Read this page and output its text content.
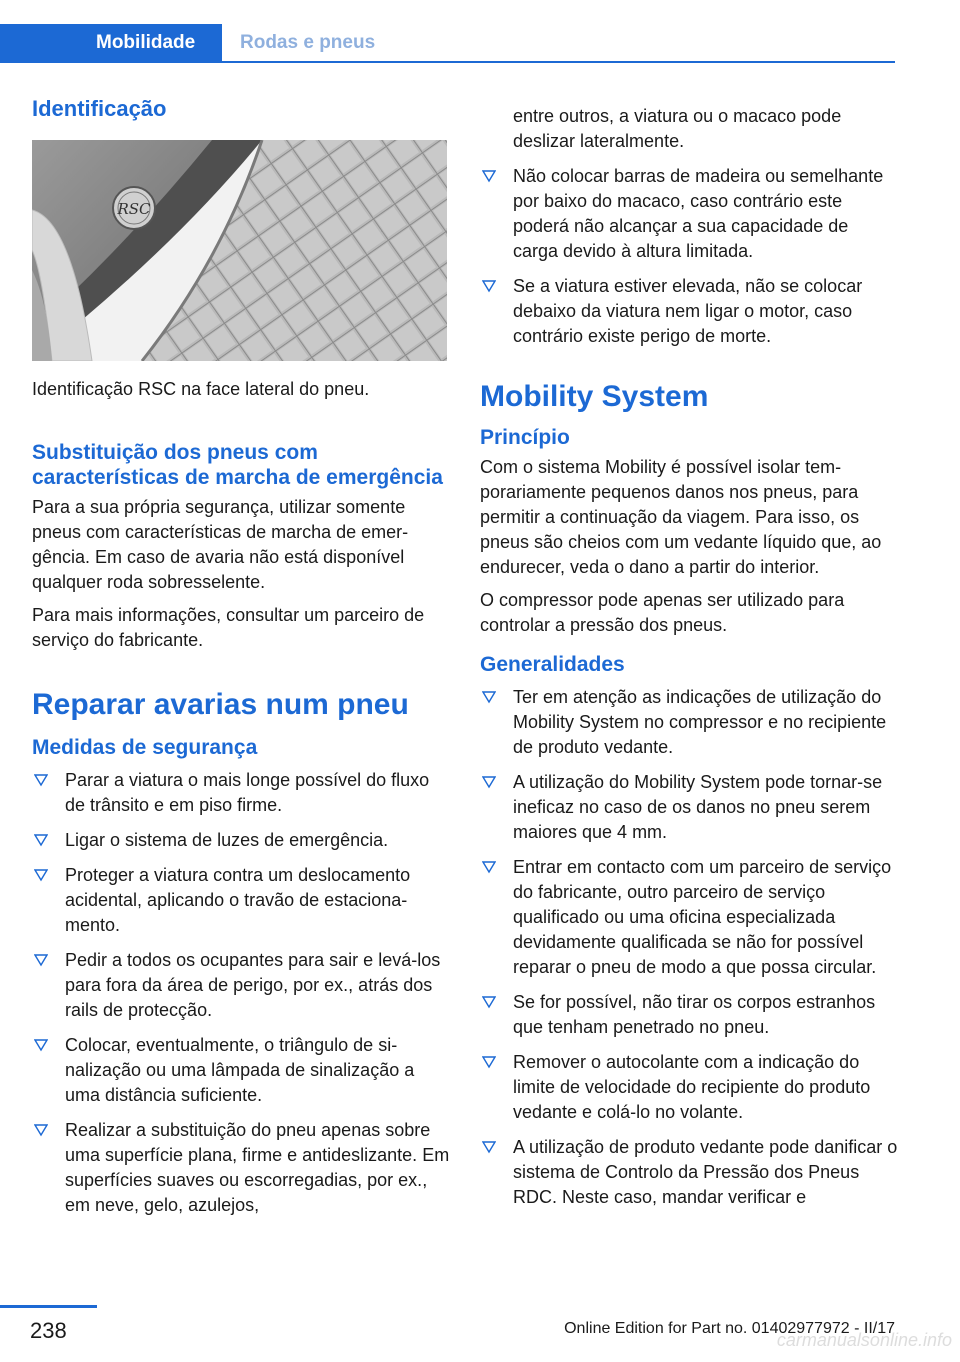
Mobilidade	Rodas e pneus
Identificação
RSC

Identificação RSC na face lateral do pneu.

Substituição dos pneus com características de marcha de emergência

Para a sua própria segurança, utilizar somente pneus com características de marcha de emergência. Em caso de avaria não está disponível qualquer roda sobresselente.

Para mais informações, consultar um parceiro de serviço do fabricante.

Reparar avarias num pneu
Medidas de segurança
Parar a viatura o mais longe possível do fluxo de trânsito e em piso firme.
Ligar o sistema de luzes de emergência.
Proteger a viatura contra um deslocamento acidental, aplicando o travão de estacionamento.
Pedir a todos os ocupantes para sair e levá-los para fora da área de perigo, por ex., atrás dos rails de protecção.
Colocar, eventualmente, o triângulo de sinalização ou uma lâmpada de sinalização a uma distância suficiente.
Realizar a substituição do pneu apenas sobre uma superfície plana, firme e antideslizante. Em superfícies suaves ou escorregadias, por ex., em neve, gelo, azulejos,

entre outros, a viatura ou o macaco pode deslizar lateralmente.

Não colocar barras de madeira ou semelhante por baixo do macaco, caso contrário este poderá não alcançar a sua capacidade de carga devido à altura limitada.
Se a viatura estiver elevada, não se colocar debaixo da viatura nem ligar o motor, caso contrário existe perigo de morte.
Mobility System
Princípio

Com o sistema Mobility é possível isolar temporariamente pequenos danos nos pneus, para permitir a continuação da viagem. Para isso, os pneus são cheios com um vedante líquido que, ao endurecer, veda o dano a partir do interior.

O compressor pode apenas ser utilizado para controlar a pressão dos pneus.

Generalidades
Ter em atenção as indicações de utilização do Mobility System no compressor e no recipiente de produto vedante.
A utilização do Mobility System pode tornar-se ineficaz no caso de os danos no pneu serem maiores que 4 mm.
Entrar em contacto com um parceiro de serviço do fabricante, outro parceiro de serviço qualificado ou uma oficina especializada devidamente qualificada se não for possível reparar o pneu de modo a que possa circular.
Se for possível, não tirar os corpos estranhos que tenham penetrado no pneu.
Remover o autocolante com a indicação do limite de velocidade do recipiente do produto vedante e colá-lo no volante.
A utilização de produto vedante pode danificar o sistema de Controlo da Pressão dos Pneus RDC. Neste caso, mandar verificar e
238	Online Edition for Part no. 01402977972 - II/17
carmanualsonline.info
